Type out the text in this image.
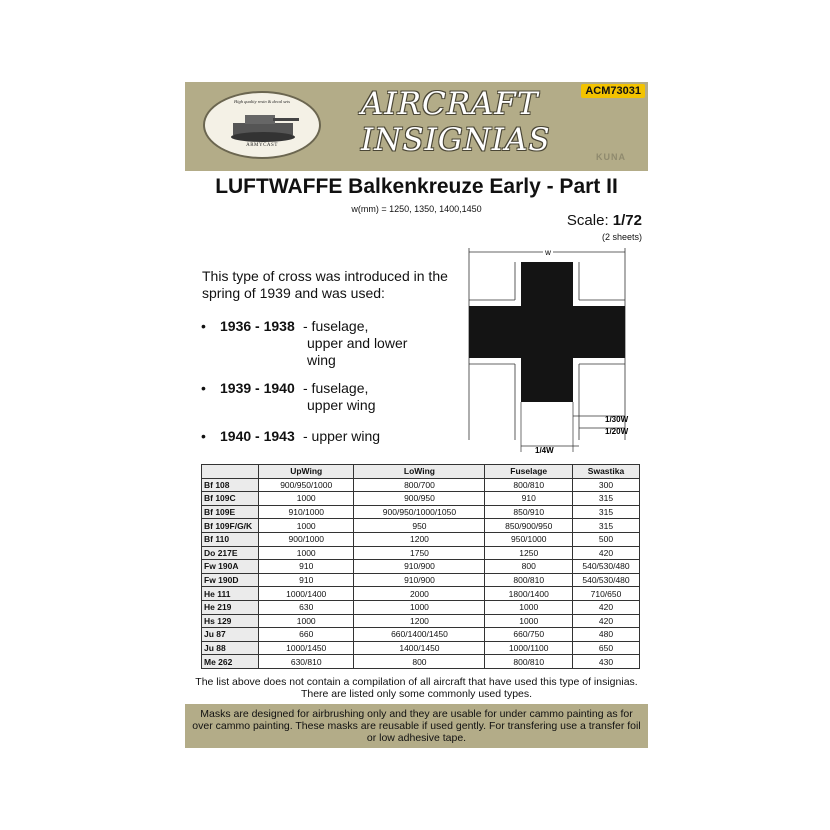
High quality resin & decal sets
ARMYCAST
AIRCRAFT
INSIGNIAS
ACM73031
KUNA
LUFTWAFFE Balkenkreuze Early - Part II
w(mm) = 1250, 1350, 1400,1450
Scale: 1/72
(2 sheets)
This type of cross was introduced in the spring of 1939 and was used:
• 1936 - 1938 - fuselage,
upper and lower
wing
• 1939 - 1940 - fuselage,
upper wing
• 1940 - 1943 - upper wing
w
1/30W
1/20W
1/4W
	UpWing	LoWing	Fuselage	Swastika
Bf 108	900/950/1000	800/700	800/810	300
Bf 109C	1000	900/950	910	315
Bf 109E	910/1000	900/950/1000/1050	850/910	315
Bf 109F/G/K	1000	950	850/900/950	315
Bf 110	900/1000	1200	950/1000	500
Do 217E	1000	1750	1250	420
Fw 190A	910	910/900	800	540/530/480
Fw 190D	910	910/900	800/810	540/530/480
He 111	1000/1400	2000	1800/1400	710/650
He 219	630	1000	1000	420
Hs 129	1000	1200	1000	420
Ju 87	660	660/1400/1450	660/750	480
Ju 88	1000/1450	1400/1450	1000/1100	650
Me 262	630/810	800	800/810	430
The list above does not contain a compilation of all aircraft that have used this type of insignias.
There are listed only some commonly used types.
Masks are designed for airbrushing only and they are usable for under cammo painting as for
over cammo painting. These masks are reusable if used gently. For transfering use a transfer foil
or low adhesive tape.
